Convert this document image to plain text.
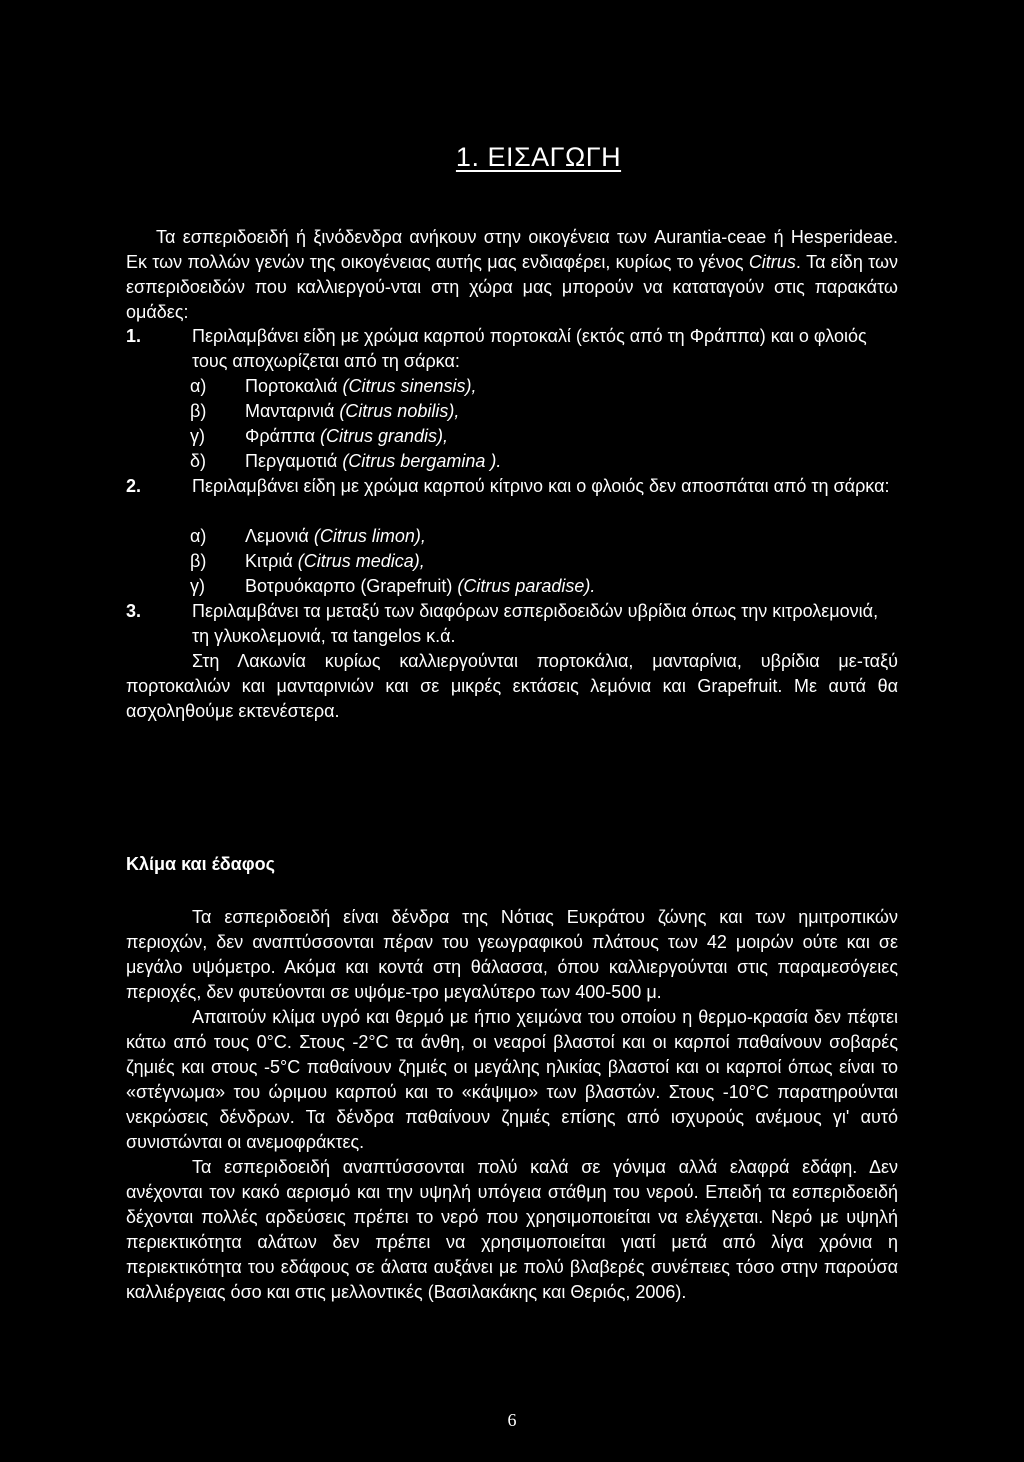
1. ΕΙΣΑΓΩΓΗ

Τα εσπεριδοειδή ή ξινόδενδρα ανήκουν στην οικογένεια των Aurantia-ceae ή Hesperideae. Εκ των πολλών γενών της οικογένειας αυτής μας ενδιαφέρει, κυρίως το γένος Citrus. Τα είδη των εσπεριδοειδών που καλλιεργού-νται στη χώρα μας μπορούν να καταταγούν στις παρακάτω ομάδες:

1.	Περιλαμβάνει είδη με χρώμα καρπού πορτοκαλί (εκτός από τη Φράππα) και ο φλοιός τους αποχωρίζεται από τη σάρκα:
α) Πορτοκαλιά (Citrus sinensis),
β) Μανταρινιά (Citrus nobilis),
γ) Φράππα (Citrus grandis),
δ) Περγαμοτιά (Citrus bergamina ).
2.	Περιλαμβάνει είδη με χρώμα καρπού κίτρινο και ο φλοιός δεν αποσπάται από τη σάρκα:
α) Λεμονιά (Citrus limon),
β) Κιτριά (Citrus medica),
γ) Βοτρυόκαρπο (Grapefruit) (Citrus paradise).
3.	Περιλαμβάνει τα μεταξύ των διαφόρων εσπεριδοειδών υβρίδια όπως την κιτρολεμονιά, τη γλυκολεμονιά, τα tangelos κ.ά.

Στη Λακωνία κυρίως καλλιεργούνται πορτοκάλια, μανταρίνια, υβρίδια με-ταξύ πορτοκαλιών και μανταρινιών και σε μικρές εκτάσεις λεμόνια και Grapefruit. Με αυτά θα ασχοληθούμε εκτενέστερα.

Κλίμα και έδαφος

Τα εσπεριδοειδή είναι δένδρα της Νότιας Ευκράτου ζώνης και των ημιτροπικών περιοχών, δεν αναπτύσσονται πέραν του γεωγραφικού πλάτους των 42 μοιρών ούτε και σε μεγάλο υψόμετρο. Ακόμα και κοντά στη θάλασσα, όπου καλλιεργούνται στις παραμεσόγειες περιοχές, δεν φυτεύονται σε υψόμε-τρο μεγαλύτερο των 400-500 μ.
Απαιτούν κλίμα υγρό και θερμό με ήπιο χειμώνα του οποίου η θερμο-κρασία δεν πέφτει κάτω από τους 0°C. Στους -2°C τα άνθη, οι νεαροί βλαστοί και οι καρποί παθαίνουν σοβαρές ζημιές και στους -5°C παθαίνουν ζημιές οι μεγάλης ηλικίας βλαστοί και οι καρποί όπως είναι το «στέγνωμα» του ώριμου καρπού και το «κάψιμο» των βλαστών. Στους -10°C παρατηρούνται νεκρώσεις δένδρων. Τα δένδρα παθαίνουν ζημιές επίσης από ισχυρούς ανέμους γι' αυτό συνιστώνται οι ανεμοφράκτες.
Τα εσπεριδοειδή αναπτύσσονται πολύ καλά σε γόνιμα αλλά ελαφρά εδάφη. Δεν ανέχονται τον κακό αερισμό και την υψηλή υπόγεια στάθμη του νερού. Επειδή τα εσπεριδοειδή δέχονται πολλές αρδεύσεις πρέπει το νερό που χρησιμοποιείται να ελέγχεται. Νερό με υψηλή περιεκτικότητα αλάτων δεν πρέπει να χρησιμοποιείται γιατί μετά από λίγα χρόνια η περιεκτικότητα του εδάφους σε άλατα αυξάνει με πολύ βλαβερές συνέπειες τόσο στην παρούσα καλλιέργειας όσο και στις μελλοντικές (Βασιλακάκης και Θεριός, 2006).
6
